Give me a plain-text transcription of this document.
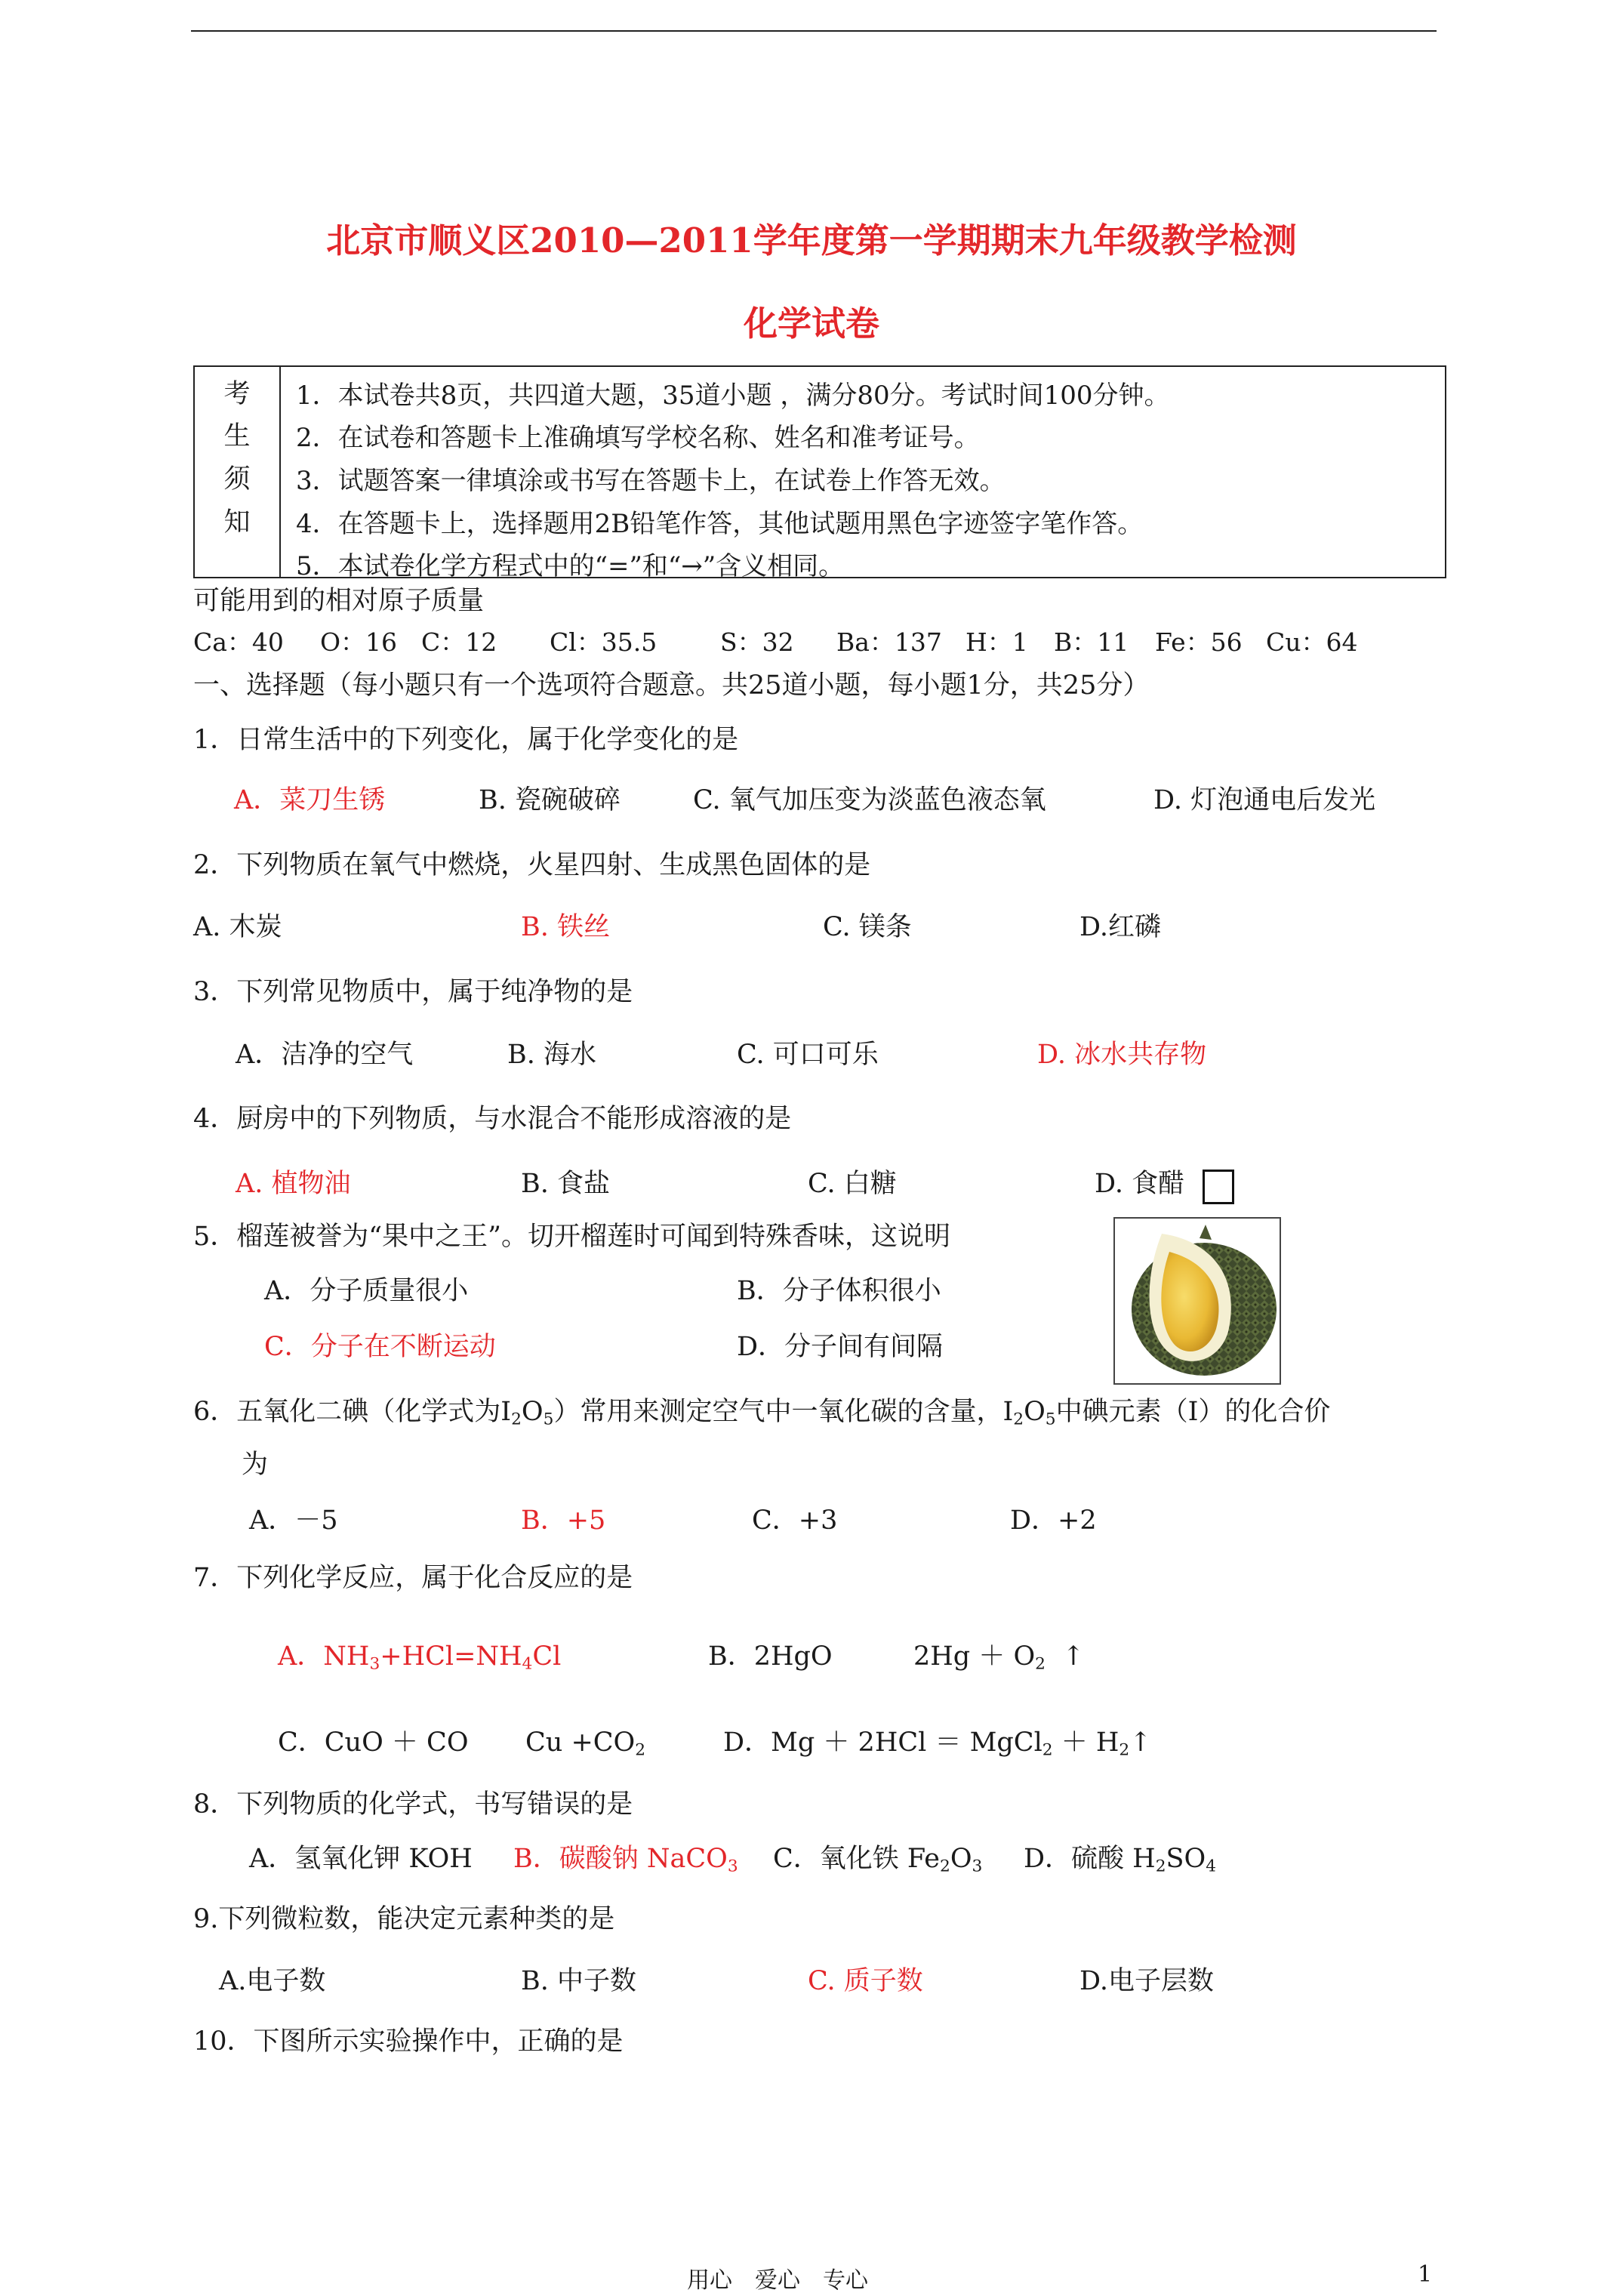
北京市顺义区2010—2011学年度第一学期期末九年级教学检测
化学试卷
考
生
须
知
1．本试卷共8页，共四道大题，35道小题 ，满分80分。考试时间100分钟。
2．在试卷和答题卡上准确填写学校名称、姓名和准考证号。
3．试题答案一律填涂或书写在答题卡上，在试卷上作答无效。
4．在答题卡上，选择题用2B铅笔作答，其他试题用黑色字迹签字笔作答。
5．本试卷化学方程式中的“=”和“→”含义相同。
可能用到的相对原子质量
Ca：40 O：16 C：12 Cl：35.5	S：32 Ba：137 H：1 B：11 Fe：56 Cu：64
一、选择题（每小题只有一个选项符合题意。共25道小题，每小题1分，共25分）
1．日常生活中的下列变化，属于化学变化的是
A．菜刀生锈	B. 瓷碗破碎	C. 氧气加压变为淡蓝色液态氧	D. 灯泡通电后发光
2．下列物质在氧气中燃烧，火星四射、生成黑色固体的是
A. 木炭	B. 铁丝	C. 镁条	D.红磷
3．下列常见物质中，属于纯净物的是
A．洁净的空气	B. 海水	C. 可口可乐	D. 冰水共存物
4．厨房中的下列物质，与水混合不能形成溶液的是
A. 植物油	B. 食盐	C. 白糖	D. 食醋
5．榴莲被誉为“果中之王”。切开榴莲时可闻到特殊香味，这说明
A．分子质量很小	B．分子体积很小
C．分子在不断运动	D．分子间有间隔
6．五氧化二碘（化学式为$I_2O_5$）常用来测定空气中一氧化碳的含量，$I_2O_5$中碘元素（I）的化合价
为
A．－5	B．+5	C．+3	D．+2
7．下列化学反应，属于化合反应的是
A．$NH_3+HCl=NH_4Cl$	B．2HgO	$2Hg + O_2$ ↑
C．CuO ＋ CO $Cu +CO_2$	D．Mg ＋ 2HCl ＝ MgCl$_2$ ＋ $H_2↑$
8．下列物质的化学式，书写错误的是
A．氢氧化钾 KOH B．碳酸钠 NaCO$_3$ C．氧化铁 $Fe_2O_3$ D．硫酸 $H_2SO_4$
9.下列微粒数，能决定元素种类的是
A.电子数	B. 中子数	C. 质子数	D.电子层数
10．下图所示实验操作中，正确的是
用心　爱心　专心	1
